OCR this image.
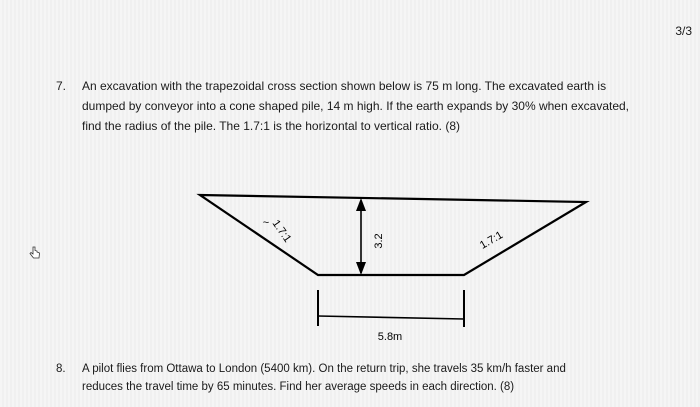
3/3
7.	An excavation with the trapezoidal cross section shown below is 75 m long. The excavated earth is
dumped by conveyor into a cone shaped pile, 14 m high. If the earth expands by 30% when excavated,
find the radius of the pile. The 1.7:1 is the horizontal to vertical ratio. (8)
1.7:1
~
1.7:1
3.2
5.8m
8.	A pilot flies from Ottawa to London (5400 km). On the return trip, she travels 35 km/h faster and
reduces the travel time by 65 minutes. Find her average speeds in each direction. (8)
